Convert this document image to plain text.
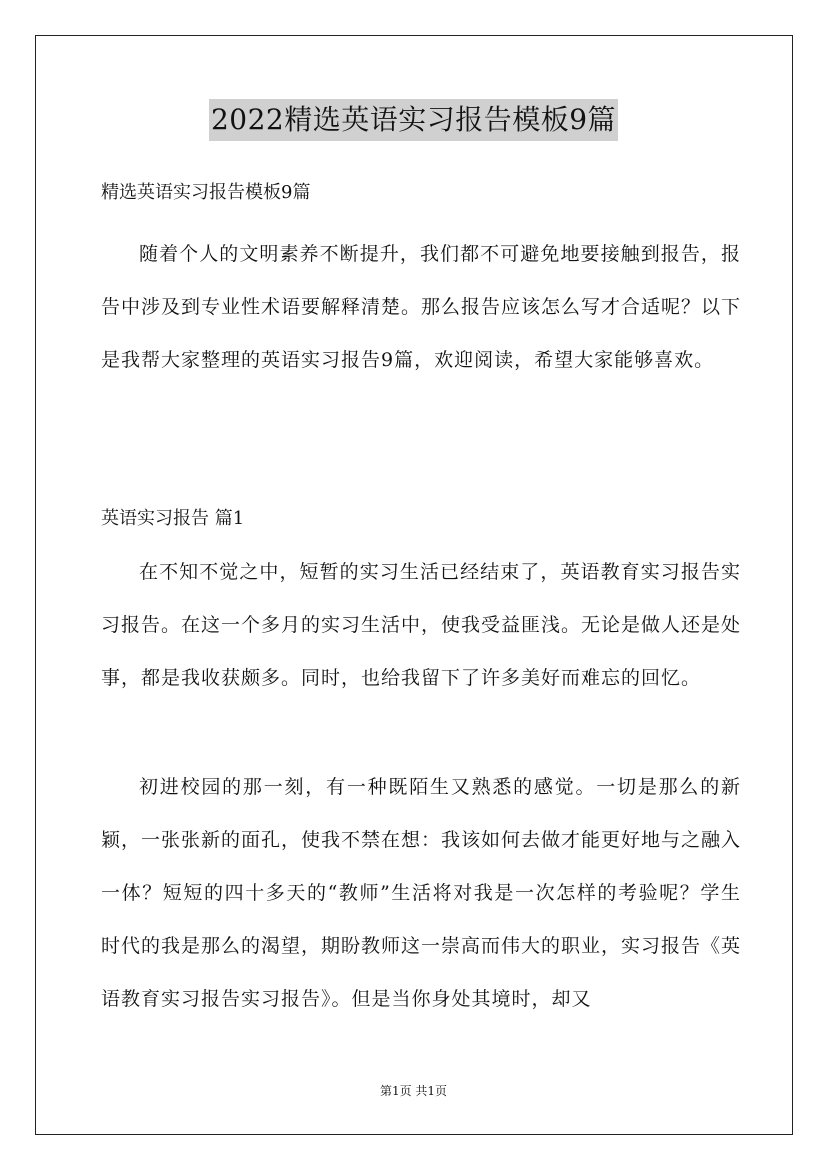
2022精选英语实习报告模板9篇
精选英语实习报告模板9篇

随着个人的文明素养不断提升，我们都不可避免地要接触到报告，报告中涉及到专业性术语要解释清楚。那么报告应该怎么写才合适呢？以下是我帮大家整理的英语实习报告9篇，欢迎阅读，希望大家能够喜欢。

英语实习报告 篇1

在不知不觉之中，短暂的实习生活已经结束了，英语教育实习报告实习报告。在这一个多月的实习生活中，使我受益匪浅。无论是做人还是处事，都是我收获颇多。同时，也给我留下了许多美好而难忘的回忆。

初进校园的那一刻，有一种既陌生又熟悉的感觉。一切是那么的新颖，一张张新的面孔，使我不禁在想：我该如何去做才能更好地与之融入一体？短短的四十多天的“教师”生活将对我是一次怎样的考验呢？学生时代的我是那么的渴望，期盼教师这一崇高而伟大的职业，实习报告《英语教育实习报告实习报告》。但是当你身处其境时，却又

第1页 共1页
